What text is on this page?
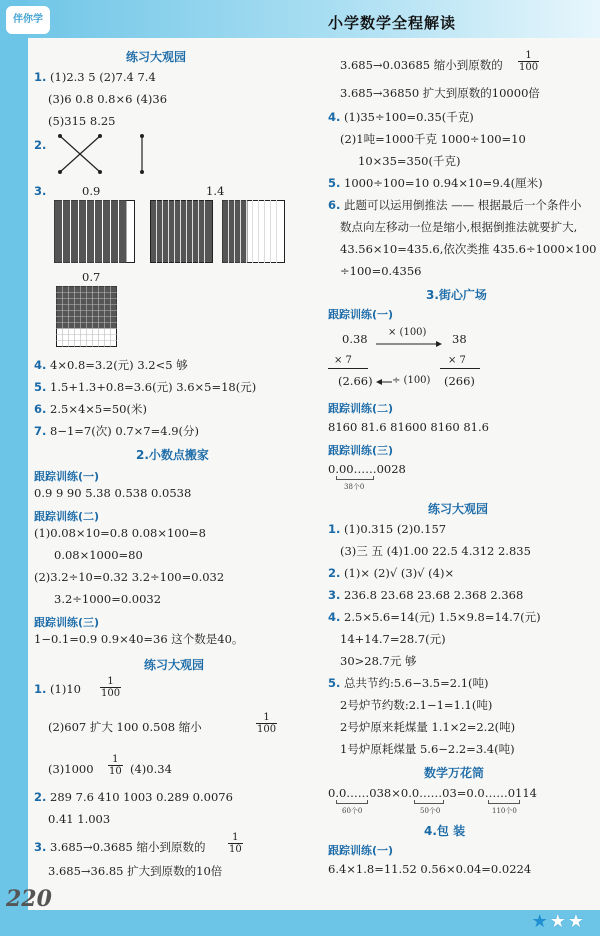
伴你学	小学数学全程解读
练习大观园
1. (1)2.3 5 (2)7.4 7.4
(3)6 0.8 0.8×6 (4)36
(5)315 8.25
2.
3.	0.9	1.4
0.7
4. 4×0.8=3.2(元) 3.2<5 够
5. 1.5+1.3+0.8=3.6(元) 3.6×5=18(元)
6. 2.5×4×5=50(米)
7. 8−1=7(次) 0.7×7=4.9(分)
2.小数点搬家
跟踪训练(一)
0.9 9 90 5.38 0.538 0.0538
跟踪训练(二)
(1)0.08×10=0.8 0.08×100=8
0.08×1000=80
(2)3.2÷10=0.32 3.2÷100=0.032
3.2÷1000=0.0032
跟踪训练(三)
1−0.1=0.9 0.9×40=36 这个数是40。
练习大观园
1. $(1)10 \frac{1}{100}$
(2)607 扩大 100 0.508 缩小	$\frac{1}{100}$
$(3)1000 \frac{1}{10} (4)0.34$
2. 289 7.6 410 1003 0.289 0.0076
0.41 1.003
3. 3.685→0.3685 缩小到原数的 $\frac{1}{10}$
3.685→36.85 扩大到原数的10倍
3.685→0.03685 缩小到原数的 $\frac{1}{100}$
3.685→36850 扩大到原数的10000倍
4. (1)35÷100=0.35(千克)
(2)1吨=1000千克 1000÷100=10
10×35=350(千克)
5. 1000÷100=10 0.94×10=9.4(厘米)
6. 此题可以运用倒推法 —— 根据最后一个条件小
数点向左移动一位是缩小,根据倒推法就要扩大,
43.56×10=435.6,依次类推 435.6÷1000×100
÷100=0.4356
3.街心广场
跟踪训练(一)
0.38 × (100) 38
× 7	× 7
(2.66) ÷ (100) (266)
跟踪训练(二)
8160 81.6 81600 8160 81.6
跟踪训练(三)
0.00……0028
38个0
练习大观园
1. (1)0.315 (2)0.157
(3)三 五 (4)1.00 22.5 4.312 2.835
2. (1)× (2)√ (3)√ (4)×
3. 236.8 23.68 23.68 2.368 2.368
4. 2.5×5.6=14(元) 1.5×9.8=14.7(元)
14+14.7=28.7(元)
30>28.7元 够
5. 总共节约:5.6−3.5=2.1(吨)
2号炉节约数:2.1−1=1.1(吨)
2号炉原来耗煤量 1.1×2=2.2(吨)
1号炉原耗煤量 5.6−2.2=3.4(吨)
数学万花筒
0.0……038×0.0……03=0.0……0114
60个0	50个0	110个0
4.包 装
跟踪训练(一)
6.4×1.8=11.52 0.56×0.04=0.0224
220
★★★
